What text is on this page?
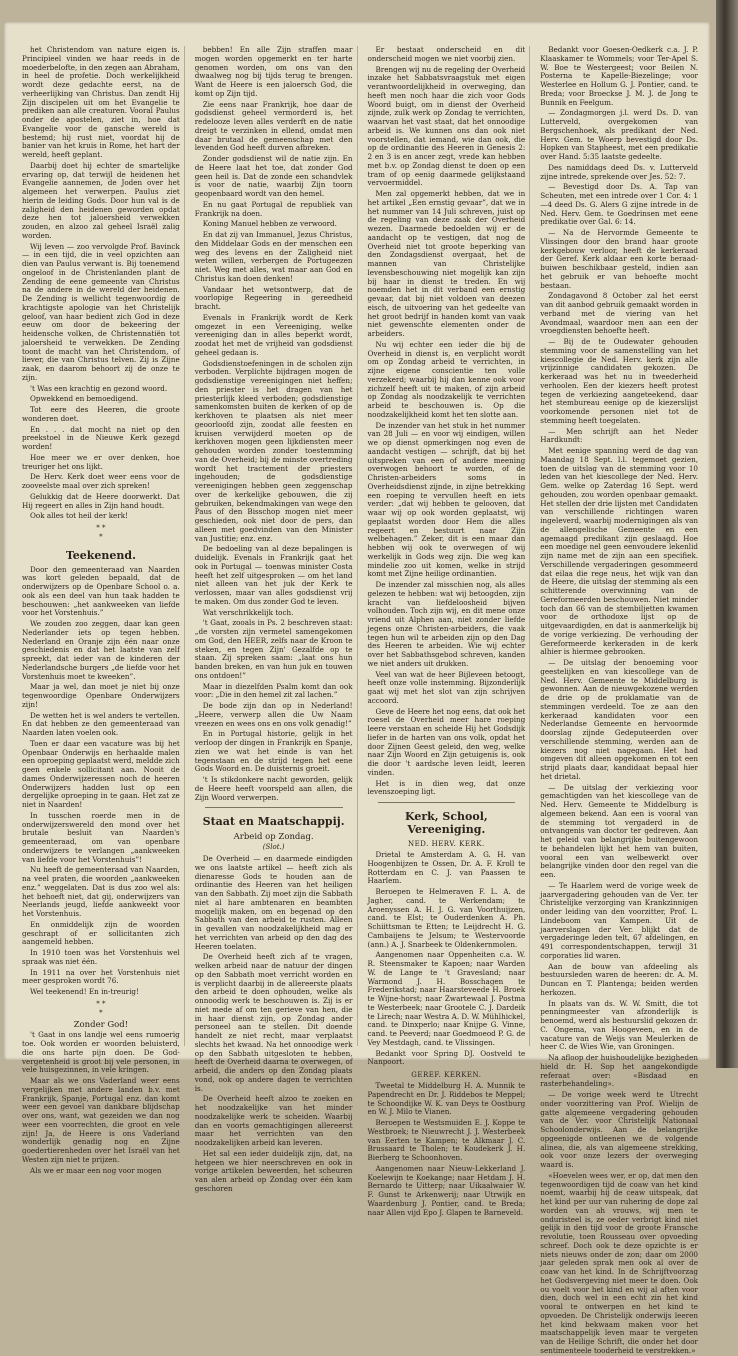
het Christendom van nature eigen is. Principieel vinden we haar reeds in de moederbelofte, in den zegen aan Abraham, in heel de profetie. Doch werkelijkheid wordt deze gedachte eerst, na de verheerlijking van Christus. Dan zendt Hij Zijn discipelen uit om het Evangelie te prediken aan alle creaturen. Vooral Paulus onder de apostelen, ziet in, hoe dat Evangelie voor de gansche wereld is bestemd; hij rust niet, voordat hij de banier van het kruis in Rome, het hart der wereld, heeft geplant.

Daarbij doet hij echter de smartelijke ervaring op, dat terwijl de heidenen het Evangelie aannemen, de Joden over het algemeen het verwerpen. Paulus ziet hierin de leiding Gods. Door hun val is de zaligheid den heidenen geworden opdat deze hen tot jaloersheid verwekken zouden, en alzoo zal geheel Israël zalig worden.

Wij leven — zoo vervolgde Prof. Bavinck — in een tijd, die in veel opzichten aan dien van Paulus verwant is. Bij toenemend ongeloof in de Christenlanden plant de Zending de eene gemeente van Christus na de andere in de wereld der heidenen. De Zending is wellicht tegenwoordig de krachtigste apologie van het Christelijk geloof, van haar bedient zich God in deze eeuw om door de bekeering der heidensche volken, de Christennatiën tot jaloersheid te verwekken. De Zending toont de macht van het Christendom, of liever, die van Christus telven. Zij is Zijne zaak, en daarom behoort zij de onze te zijn.

't Was een krachtig en gezond woord.

Opwekkend en bemoedigend.

Tot eere des Heeren, die groote wonderen doet.

En . . . dat mocht na niet op den preekstoel in de Nieuwe Kerk gezegd worden!

Hoe meer we er over denken, hoe treuriger het ons lijkt.

De Herv. Kerk doet weer eens voor de zooveelste maal over zich spreken!

Gelukkig dat de Heere doorwerkt. Dat Hij regeert en alles in Zijn hand houdt.

Ook alles tot heil der kerk!

* *
*
Teekenend.

Door den gemeenteraad van Naarden was kort geleden bepaald, dat de onderwijzers op de Openbare School o. a. ook als een deel van hun taak hadden te beschouwen: „het aankweeken van liefde voor het Vorstenhuis.”

We zouden zoo zeggen, daar kan geen Nederlander iets op tegen hebben. Nederland en Oranje zijn één naar onze geschiedenis en dat het laatste van zelf spreekt, dat ieder van de kinderen der Nederlandsche burgers „de liefde voor het Vorstenhuis moet te kweeken”.

Maar ja wel, dan moet je niet bij onze tegenwoordige Openbare Onderwijzers zijn!

De wetten het is wel anders te vertellen. En dat hebben ze den gemeenteraad van Naarden laten voelen ook.

Toen er daar een vacature was bij het Openbaar Onderwijs en herhaalde malen een oproeping geplaatst werd, meldde zich geen enkele sollicitant aan. Nooit de dames Onderwijzeressen noch de heeren Onderwijzers hadden lust op een dergelijke oproeping in te gaan. Het zat ze niet in Naarden!

In tusschen roerde men in de onderwijzerswereld den mond over het brutale besluit van Naarden's gemeenteraad, om van openbare onderwijzers te verlangen „aankweeken van liefde voor het Vorstenhuis”!

Nu heeft de gemeenteraad van Naarden, na veel praten, die woorden „aankweeken enz.” weggelaten. Dat is dus zoo wel als: het behoeft niet, dat gij, onderwijzers van Neerlands jeugd, liefde aankweekt voor het Vorstenhuis.

En onmiddelijk zijn de woorden geschrapt of er sollicitanten zich aangemeld hebben.

In 1910 toen was het Vorstenhuis wel spraak was niet één.

In 1911 na over het Vorstenhuis niet meer gesproken wordt 76.

Wel teekenend! En in-treurig!

* *
*
Zonder God!

't Gaat in ons landje wel eens rumoerig toe. Ook worden er woorden beluisterd, die ons harte pijn doen. De God-vergetenheid is groot bij vele personen, in vele huisgezinnen, in vele kringen.

Maar als we ons Vaderland weer eens vergelijken met andere landen b.v. met Frankrijk, Spanje, Portugal enz. dan komt weer een gevoel van dankbare blijdschap over ons, want, wat gezeiden we dan nog weer een voorrechten, die groot en vele zijn! Ja, de Heere is ons Vaderland wonderlijk genadig nog en Zijne goedertierenheden over het Israël van het Westen zijn niet te prijzen.

Als we er maar een nog voor mogen

bebben! En alle Zijn straffen maar mogen worden opgemerkt en ter harte genomen worden, om ons van den dwaalweg nog bij tijds terug te brengen. Want de Heere is een jaloersch God, die komt op Zijn tijd.

Zie eens naar Frankrijk, hoe daar de godsdienst geheel vermorderd is, het redelooze leven alles verderft en de natie dreigt te verzinken in ellend, omdat men daar brutaal de gemeenschap met den levenden God heeft durven afbreken.

Zonder godsdienst wil de natie zijn. En de Heere laat het toe, dat zonder God geen heil is. Dat de zonde een schandvlek is voor de natie, waarbij Zijn toorn geopenbaard wordt van den hemel.

En nu gaat Portugal de republiek van Frankrijk na doen.

Koning Manuel hebben ze verwoord.

En dat zij van Immanuel, Jezus Christus, den Middelaar Gods en der menschen een weg des levens en der Zaligheid niet weten willen, verbergen de Portugeezen niet. Weg met alles, wat maar aan God en Christus kan doen denken!

Vandaar het wetsontwerp, dat de voorlopige Regeering in gereedheid bracht.

Evenals in Frankrijk wordt de Kerk omgezet in een Vereeniging, welke vereeniging dan in alles beperkt wordt, zoodat het met de vrijheid van godsdienst geheel gedaan is.

Godsdienstoefeningen in de scholen zijn verboden. Verplichte bijdragen mogen de godsdienstige vereenigingen niet heffen; den priester is het dragen van het priesterlijk kleed verboden; godsdienstige samenkomsten buiten de kerken of op de kerkhoven te plaatsen als niet meer geoorloofd zijn, zoodat alle feesten en kruisen verwijderd moeten op de kerkhoven mogen geen lijkdiensten meer gehouden worden zonder toestemming van de Overheid; bij de minste overtreding wordt het tractement der priesters ingehouden; de godsdienstige vereenigingen hebben geen zeggenschap over de kerkelijke gebouwen, die zij gebruiken, bekendmakingen van wege den Paus of den Bisschop mogen niet meer geschieden, ook niet door de pers, dan alleen met goedvinden van den Minister van Justitie; enz. enz.

De bedoeling van al deze bepalingen is duidelijk. Evenals in Frankrijk gaat het ook in Portugal — toenwas minister Costa heeft het zelf uitgesproken — om het land niet alleen van het juk der Kerk te verlossen, maar van alles godsdienst vrij te maken. Om dus zonder God te leven.

Wat verschrikkelijk toch.

't Gaat, zooals in Ps. 2 beschreven staat: „de vorsten zijn vermetel samengekomen om God, den HEER, zelfs naar de Kroon te steken, en tegen Zijn' Gezalfde op te staan. Zij spreken saam: „laat ons hun banden breken, en van hun juk en touwen ons ontdoen!”

Maar in diezelfden Psalm komt dan ook voor: „Die in den hemel zit zal lachen.”

De bode zijn dan op in Nederland! „Heere, verwerp allen die Uw Naam vreezen en wees ons en ons volk genadig!”

En in Portugal historie, gelijk in het verloop der dingen in Frankrijk en Spanje, zien we wat het einde is van het tegenstaan en de strijd tegen het eene Gods Woord en. De duisternis groeit.

't Is stikdonkere nacht geworden, gelijk de Heere heeft voorspeld aan allen, die Zijn Woord verwerpen.

Staat en Maatschappij.
Arbeid op Zondag.
(Slot.)

De Overheid — en daarmede eindigden we ons laatste artikel — heeft zich als dienaresse Gods te houden aan de ordinantie des Heeren van het heiligen van den Sabbath. Zij moet zijn die Sabbath niet al hare ambtenaren en beambten mogelijk maken, om en begenad op den Sabbath van den arbeid te rusten. Alleen in gevallen van noodzakelijkheid mag er het verrichten van arbeid op den dag des Heeren toelaten.

De Overheid heeft zich af te vragen, welken arbeid naar de natuur der dingen op den Sabbath moet verricht worden en is verplicht daarbij in de allereerste plaats den arbeid te doen ophouden, welke als onnoodig werk te beschouwen is. Zij is er niet mede af om ten gerieve van hen, die in haar dienst zijn, op Zondag ander personeel aan te stellen. Dit doende handelt ze niet recht, maar verplaatst slechts het kwaad. Na het onnoodige werk op den Sabbath uitgesloten te hebben, heeft de Overheid daarna te overwegen, of arbeid, die anders op den Zondag plaats vond, ook op andere dagen te verrichten is.

De Overheid heeft alzoo te zoeken en het noodzakelijke van het minder noodzakelijke werk te scheiden. Waarbij dan en voorts gemachtigingen allereerst maar het verrichten van den noodzakelijken arbeid kan leveren.

Het sal een ieder duidelijk zijn, dat, na hetgeen we hier neerschreven en ook in vorige artikelen beweerden, het scheuren van alen arbeid op Zondag over één kam geschoren

Er bestaat onderscheid en dit onderscheid mogen we niet voorbij zien.

Brengen wij nu de regeling der Overheid inzake het Sabbatsvraagstuk met eigen verantwoordelijkheid in overweging, dan heeft men noch haar die zich voor Gods Woord buigt, om in dienst der Overheid zijnde, zulk werk op Zondag te verrichten, waarvan het vast staat, dat het onnoodige arbeid is. We kunnen ons dan ook niet voorstellen, dat iemand, wie dan ook, die op de ordinantie des Heeren in Genesis 2: 2 en 3 is en ancer zegt, vrede kan hebben met b.v. op Zondag dienst te doen op een tram of op eenig daarmede gelijkstaand vervoermiddel.

Men zal opgemerkt hebben, dat we in het artikel „Een ernstig gevaar”, dat we in het nummer van 14 Juli schreven, juist op de regeling van deze zaak der Overheid wezen. Daarmede bedoelden wij er de aandacht op te vestigen, dat nog de Overheid niet tot groote beperking van den Zondagsdienst overgaat, het de mannen van Christelijke levensbeschouwing niet mogelijk kan zijn bij haar in dienst te treden. En wij noemden het in dit verband een ernstig gevaar, dat bij niet voldoen van deezen eisch, de uitvoering van het gedeelte van het groot bedrijf in handen komt van vaak niet gewenschte elementen onder de arbeiders.

Nu wij echter een ieder die bij de Overheid in dienst is, en verplicht wordt om op Zondag arbeid te verrichten, in zijne eigene conscientie ten volle verzekerd; waarbij hij dan kenne ook voor zichzelf heeft uit te maken, of zijn arbeid op Zondag als noodzakelijk te verrichten arbeid te beschouwen is. Op die noodzakelijkheid komt het ten slotte aan.

De inzender van het stuk in het nummer van 28 Juli — en voor wij eindigen, willen we op dienst opmerkingen nog even de aandacht vestigen — schrijft, dat bij het uitspreken van een of andere meening overwogen behoort te worden, of de Christen-arbeiders soms in Overheidsdienst zijnde, in zijne betrekking een roeping te vervullen heeft en iets verder: „dat wij hebben te gelooven, dat waar wij op ook worden geplaatst, wij geplaatst worden door Hem die alles regeert en bestuurt naar Zijn welbehagen.” Zeker, dit is een maar dan hebben wij ook te overwegen of wij werkelijk in Gods weg zijn. Die weg kan mindelie zoo uit komen, welke in strijd komt met Zijne heilige ordinantien.

De inzender zal misschien nog, als alles gelezen te hebben: wat wij betoogden, zijn kracht van liefdeloosheid bijven volhouden. Toch zijn wij, en dit mene onze vriend uit Alphen aan, niet zonder liefde jegens onze Christen-arbeiders, die vaak tegen hun wil te arbeiden zijn op den Dag des Heeren te arbeiden. Wie wij echter over het Sabbathsgebod schreven, kanden we niet anders uit drukken.

Veel van wat de heer Bijleveen betoogt, heeft onze volle instemming. Bijzonderlijk gaat wij met het slot van zijn schrijven accoord.

Geve de Heere het nog eens, dat ook het roesel de Overheid meer hare roeping leere verstaan en scheide Hij het Godsdijk liefer in de harten van ons volk, opdat het door Zijnen Geest geleid, den weg, welke naar Zijn Woord en Zijn getuigenis is, ook die door 't aardsche leven leidt, leeren vinden.

Het is in dien weg, dat onze levenszoeping ligt.

Kerk, School, Vereeniging.
NED. HERV. KERK.

Drietal te Amsterdam A. G. H. van Hoogenbijzen te Ossen, Dr. A. F. Kroll te Rotterdam en C. J. van Paassen te Haarlem.

Beroepen te Helmeraven F. L. A. de Jagher, cand. te Werkendam; te Aroenyssen A. H. J. G. van Voorthuijzen, cand. te Elst; te Ouderdenken A. Ph. Schiittsman te Etten; te Leijdrecht H. G. Cambaijens te Jelsum; te Westervoorde (ann.) A. J. Snarbeek te Oldenkernmolen.

Aangenomen naar Oppenheiten c.a. W. R. Steensmaker te Kapoen; naar Warden W. de Lange te 't Gravesland; naar Warmond J. H. Bosschagen te Frederikstad; naar Haarsteveede H. Broek te Wijne-horst; naar Zwartewaal J. Postma te Westerbeek; naar Grootele C. J. Dardeik te Lirech; naar Westra A. D. W. Mühlhickel, cand. te Dinxperlo; naar Knijpe G. Vinne, cand. te Peeverd; naar Goedmoeod P. G. de Vey Mestdagh, cand. te Vlissingen.

Bedankt voor Spring DJ. Oostveld te Nanpoort.

GEREF. KERKEN.

Tweetal te Middelburg H. A. Munnik te Papendrecht en Dr. J. Riddebos te Meppel; te Schoondijke W. K. van Deys te Oostburg en W. J. Milo te Vianen.

Beroepen te Westsmuiden E. J. Koppe te Westbroek; te Nieuwrecht J. J. Westerbeek van Eerten te Kampen; te Alkmaar J. C. Brussaard te Tholen; te Koudekerk J. H. Bierberg te Schoonhoven.

Aangenomen naar Nieuw-Lekkerland J. Koelewijn te Koekange; naar Hetdam J. H. Bernardo te Uitterp; naar Uikaalwaier W. F. Gunst te Arkenwerij; naar Utrwijk en Waardenburg J. Pontier, cand. te Breda; naar Allen vijd Epo J. Glapen te Barneveld.

Bedankt voor Goesen-Oedkerk c.a. J. P. Klaaskamer te Wommels; voor Ter-Apel S. W. Boe te Westergeest; voor Beilen N. Posterna te Kapelle-Biezelinge; voor Westerlee en Hollum G. J. Pontier, cand. te Breda; voor Broeckse J. M. J. de Jong te Bunnik en Feelgum.

— Zondagmorgen j.l. werd Ds. D. van Lutterveld, overgekomen van Bergschenhoek, als predikant der Ned. Herv. Gem. te Woerp bevestigd door Ds. Hopken van Stapheest, met een predikatie over Hand. 5:35 laatste gedeelte.

Des namiddags deed Ds. v. Lutterveld zijne intrede, sprekende over Jes. 52: 7.

— Bevestigd door Ds. A. Tap van Scheuten, met een intrede over 1 Cor. 4: 1—4 deed Ds. G. Alers G zijne intrede in de Ned. Herv. Gem. te Goedrinsen met eene predikatie over Gal. 6: 14.

— Na de Hervormde Gemeente te Vlissingen door den brand haar groote kerkgebouw verloor, heeft de kerkeraad der Geref. Kerk aldaar een korte beraad-buiwen beschikbaar gesteld, indien aan het gebruik er van behoefte mocht bestaan.

Zondagavond 8 October zal het eerst van dit aanbod gebruik gemaakt worden in verband met de viering van het Avondmaal, waardoor men aan een der vroegdiensten behoefte heeft.

— Bij de te Oudewater gehouden stemming voor de samenstelling van het kiescollegie de Ned. Herv. kerk zijn alle vrijzinnige candidaten gekozen. De kerkeraad was het nu in tweederheid verhoolen. Een der kiezers heeft protest tegen de verkiezing aangeteekend, daar het stembureau eenige op de kiezerslijst voorkomende personen niet tot de stemming heeft toegelaten.

— Men schrijft aan het Neder Hardkundt:

Met eenige spanning werd de dag van Maandag 18 Sept. l.l. tegemoet gezien, toen de uitslag van de stemming voor 10 leden van het kiescollege der Ned. Herv. Gem. welke op Zaterdag 16 Sept. werd gehouden, zou worden openbaar gemaakt. Het stellen der drie lijsten met Candidaten van verschillende richtingen waren ingeleverd, waarbij modernigingen als van de allengelische Gemeente en een agemaagd predikant zijn geslaagd. Hoe een moedige nel geen eenvoudere lekenlid zijn name met de zijn aan een specifiek. Verschillende vergaderingen gesommeerd dat eilaa die rege neus, het wijk van dan de Heere, die uitslag der stemming als een schitterende overwinning van de Gereformeerden beschouwen. Niet minder toch dan 66 van de stembiljetten kwamen voor de orthodoxe lijst op de uitgevaardigden, en dat is aanmerkelijk bij de vorige verkiezing. De verhouding der Gereformeerde kerkeraden in de kerk alhier is hiermee gebrooken.

— De uitslag der benoeming voor geestelijken en van kiescollege van de Ned. Herv. Gemeente te Middelburg is gewonnen. Aan de nieuwgekozene werden de drie op de proklamatie van de stemmingen verdeeld. Toe ze aan den kerkeraad kandidaten voor een Nederlandse Gemeente en hervoormde doorslag zijnde Gedeputeerden over verschillende stemming, werden aan de kiezers nog niet nagegaan. Het had omgeven dit alleen opgekomen en tot een strijd plaats daar, kandidaat bepaal hier het drietal.

— De uitslag der verkiezing voor gemachtigden van het kiescollege van de Ned. Herv. Gemeente te Middelburg is algemeen bekend. Aan een is vooral van de stemming tot vergaderd in de ontvangenis van doctor ter gedreven. Aan het geleid van belangrijke buitengewoon te behandelen lijkt het hem van buiten, vooral een van welbewerkt over belangrijke vinden door den regel van die een.

— Te Haarlem werd de vorige week de jaarvergadering gehouden van de Ver. ter Christelijke verzorging van Krankzinnigen onder leiding van den voorzitter, Prof. L. Lindeboom van Kampen. Uit de jaarverslagen der Ver. blijkt dat de vergaderinge leden telt, 67 afdelingen, en 491 correspondentschappen, terwijl 31 corporaties lid waren.

Aan de bouw van afdeeling als bestuursleden waren de heeren: dr. A. M. Duncan en T. Plantenga; beiden werden herkozen.

In plaats van ds. W. W. Smitt, die tot penningmeester van afzonderlijk is benoemd, werd als bestuurslid gekozen dr. C. Ongema, van Hoogeveen, en in de vacature van de Weijs van Meulerken de heer C. de Wies Wie, van Groningen.

Na afloop der huishoudelijke bezigheden hield dr. H. Sop het aangekondigde referaat over: «Bisdaad en rasterbehandeling».

— De vorige week werd te Utrecht onder voorzittering van Prof. Wielijn de gatte algemeene vergadering gehouden van de Ver. voor Christelijk Nationaal Schoolonderwijs. Aan de belangrijke opgeenigde ontleenen we de volgende alinea, die, als van algemeene strekking, ook voor onze lezers der overweging waard is.

«Hoevelen wees wer, er op, dat men den tegenwoordigen tijd de coaw van het kind noemt, waarbij hij de ceaw uitspeak, dat het kind per uur van ruhering de dope zal worden van ah vrouws, wij men te onduristeel is, ze oeder verbrigt kind niet gelijk in den tijd voor de groote Fransche revolutie, toen Rousseau over opvoeding schreef. Doch ook te deze opzichte is er niets nieuws onder de zon; daar om 2000 jaar geleden sprak men ook al over de coaw van het kind. In de Schrijftvoorzag het Godsvergeving niet meer te doen. Ook ou voelt voor het kind en wij al aften voor dien, doch wel in een echt zin het kind vooral te ontwerpen en het kind te opvoeden. De Christelijk onderwijs leeren het kind bekwaam maken voor het maatschappelijk leven maar te vergeten van de Heilige Schrift, die onder het door sentimenteele tooderheid te verstrekken.»
